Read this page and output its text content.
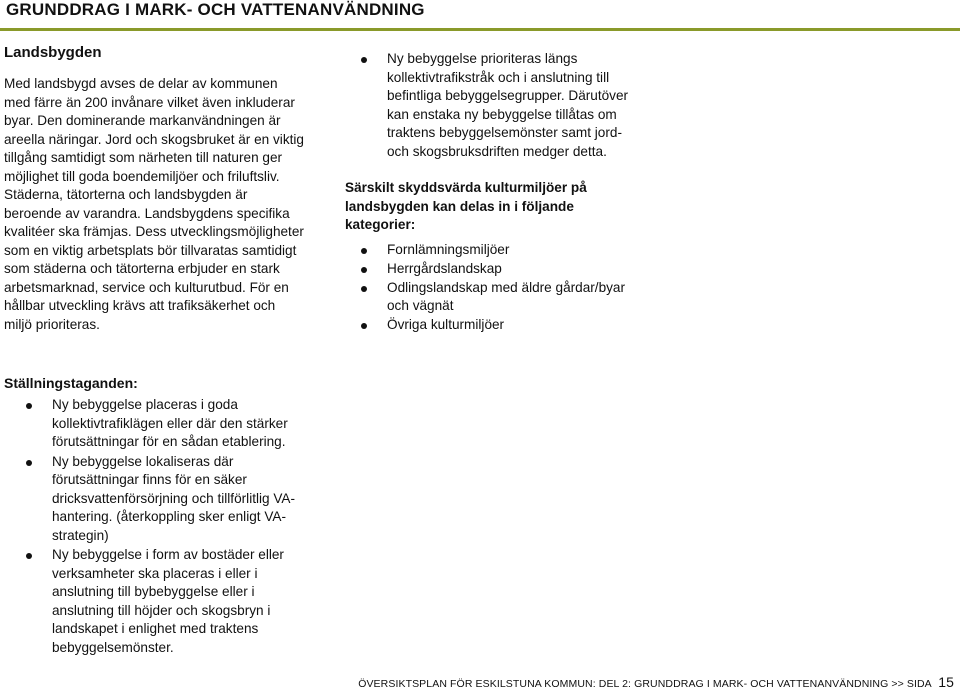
GRUNDDRAG I MARK- OCH VATTENANVÄNDNING
Landsbygden

Med landsbygd avses de delar av kommunen med färre än 200 invånare vilket även inkluderar byar. Den dominerande markanvändningen är areella näringar. Jord och skogsbruket är en viktig tillgång samtidigt som närheten till naturen ger möjlighet till goda boendemiljöer och friluftsliv. Städerna, tätorterna och landsbygden är beroende av varandra. Landsbygdens specifika kvalitéer ska främjas. Dess utvecklingsmöjligheter som en viktig arbetsplats bör tillvaratas samtidigt som städerna och tätorterna erbjuder en stark arbetsmarknad, service och kulturutbud. För en hållbar utveckling krävs att trafiksäkerhet och miljö prioriteras.

Ny bebyggelse prioriteras längs kollektivtrafikstråk och i anslutning till befintliga bebyggelsegrupper. Därutöver kan enstaka ny bebyggelse tillåtas om traktens bebyggelsemönster samt jord- och skogsbruksdriften medger detta.
Särskilt skyddsvärda kulturmiljöer på landsbygden kan delas in i följande kategorier:
Fornlämningsmiljöer
Herrgårdslandskap
Odlingslandskap med äldre gårdar/byar och vägnät
Övriga kulturmiljöer
Ställningstaganden:
Ny bebyggelse placeras i goda kollektivtrafiklägen eller där den stärker förutsättningar för en sådan etablering.
Ny bebyggelse lokaliseras där förutsättningar finns för en säker dricksvattenförsörjning och tillförlitlig VA-hantering. (återkoppling sker enligt VA-strategin)
Ny bebyggelse i form av bostäder eller verksamheter ska placeras i eller i anslutning till bybebyggelse eller i anslutning till höjder och skogsbryn i landskapet i enlighet med traktens bebyggelsemönster.
ÖVERSIKTSPLAN FÖR ESKILSTUNA KOMMUN: DEL 2: GRUNDDRAG I MARK- OCH VATTENANVÄNDNING >> SIDA 15
